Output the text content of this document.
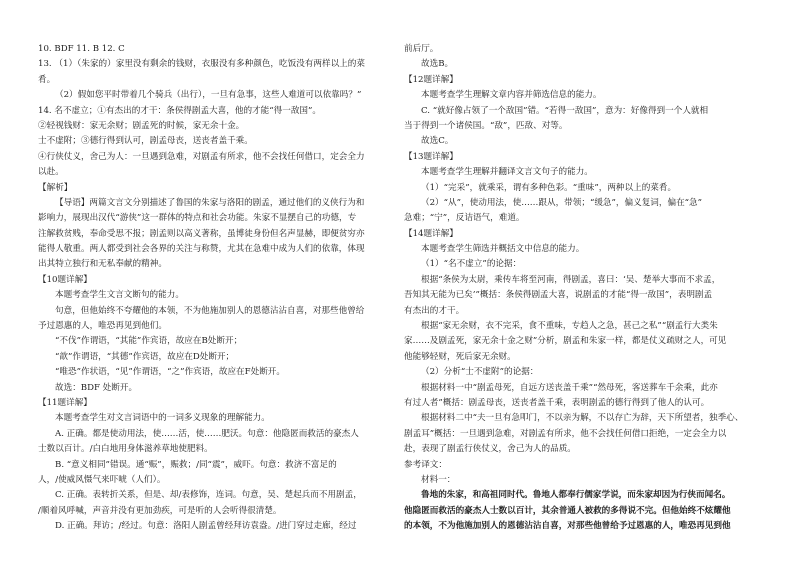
10. BDF 11. B 12. C
13. （1）（朱家的）家里没有剩余的钱财，衣服没有多种颜色，吃饭没有两样以上的菜
肴。
（2）假如您平时带着几个骑兵（出行），一旦有急事，这些人难道可以依靠吗？”
14. 名不虚立；①有杰出的才干：条侯得剧孟大喜，他的才能“得一敌国”。
②轻视钱财：家无余财；剧孟死的时候，家无余十金。
士不虚附；③德行得到认可，剧孟母丧，送丧者盖千乘。
④行侠仗义，舍己为人：一旦遇到急难，对剧孟有所求，他不会找任何借口，定会全力
以赴。
【解析】
【导语】两篇文言文分别描述了鲁国的朱家与洛阳的剧孟，通过他们的义侠行为和
影响力，展现出汉代“游侠”这一群体的特点和社会功能。朱家不显摆自己的功德，专
注解救贫贱，奉命受思不报；剧孟则以高义著称，虽博徒身份但名声显赫，即便贫穷亦
能得人敬重。两人都受到社会各界的关注与称赞，尤其在急难中成为人们的依靠，体现
出其特立独行和无私奉献的精神。
【10题详解】
本题考查学生文言文断句的能力。
句意，但他始终不夸耀他的本领，不为他施加别人的恩德沾沾自喜，对那些他曾给
予过恩惠的人，唯恐再见到他们。
“不伐”作谓语，“其能”作宾语，故应在B处断开；
“歆”作谓语，“其德”作宾语，故应在D处断开；
“唯恐”作状语，“见”作谓语，“之”作宾语，故应在F处断开。
故选：BDF 处断开。
【11题详解】
本题考查学生对文言词语中的一词多义现象的理解能力。
A. 正确。都是使动用法，使……活，使……肥沃。句意：他隐匿而救活的豪杰人
士数以百计。/白白地用身体滋养草地使肥料。
B. “意义相同”错误。通“赈”，赈救；/同“震”，威吓。句意：救济不富足的
人，/使威风慑气来吓唬（人们）。
C. 正确。表转折关系，但是、却/表修饰，连词。句意，吴、楚起兵而不用剧孟，
/顺着风呼喊，声音并没有更加劲疾，可是听的人会听得很清楚。
D. 正确。拜访；/经过。句意：洛阳人剧孟曾经拜访袁盎。/进门穿过走廊，经过
前后厅。
故选B。
【12题详解】
本题考查学生理解文章内容并筛选信息的能力。
C. “就好像占领了一个敌国”错。“若得一敌国”，意为：好像得到一个人就相
当于得到一个诸侯国。“敌”，匹敌、对等。
故选C。
【13题详解】
本题考查学生理解并翻译文言文句子的能力。
（1）“完采”，就乘采，谓有多种色彩。“重味”，两种以上的菜肴。
（2）“从”，使动用法，使……跟从，带领；“缓急”，偏义复词，偏在“急”
急难；“宁”，反诘语气，难道。
【14题详解】
本题考查学生筛选并概括文中信息的能力。
（1）“名不虚立”的论据：
根据“条侯为太尉，乘传车将至河南，得剧孟，喜曰：‘吴、楚举大事而不求孟，
吾知其无能为已矣’”概括：条侯得剧孟大喜，说剧孟的才能“得一敌国”，表明剧孟
有杰出的才干。
根据“家无余财，衣不完采，食不重味，专趋人之急，甚己之私”“剧孟行大类朱
家……及剧孟死，家无余十金之财”分析，剧孟和朱家一样，都是仗义疏财之人，可见
他能够轻财，死后家无余财。
（2）分析“士不虚附”的论据：
根据材料一中“剧孟母死，自远方送丧盖千乘”“然母死，客送葬车千余乘，此亦
有过人者”概括：剧孟母丧，送丧者盖千乘，表明剧孟的德行得到了他人的认可。
根据材料二中“夫一旦有急叩门，不以亲为解，不以存亡为辞，天下所望者，独季心、
剧孟耳”概括：一旦遇到急难，对剧孟有所求，他不会找任何借口拒绝，一定会全力以
赴，表现了剧孟行侠仗义，舍己为人的品质。
参考译文：
材料一：
鲁地的朱家，和高祖同时代。鲁地人都奉行儒家学说，而朱家却因为行侠而闻名。
他隐匿而救活的豪杰人士数以百计，其余普通人被救的多得说不完。但他始终不炫耀他
的本领，不为他施加别人的恩德沾沾自喜，对那些他曾给予过恩惠的人，唯恐再见到他
